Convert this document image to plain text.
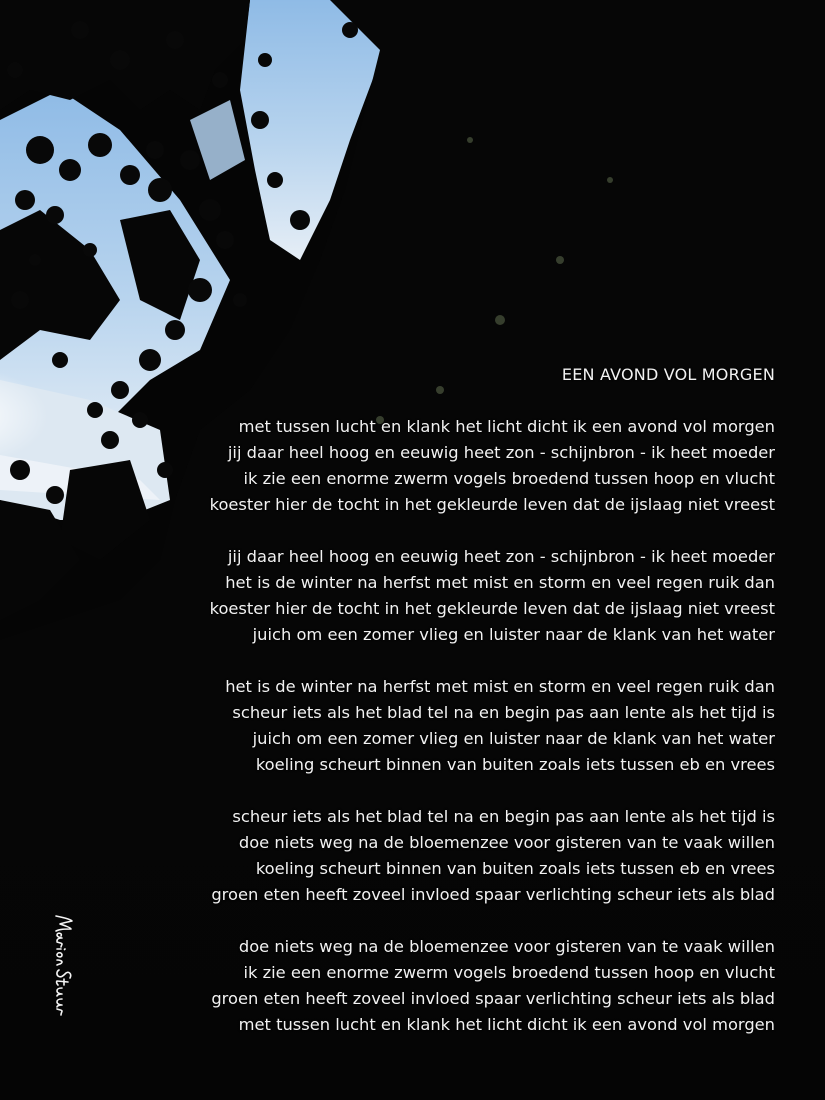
EEN AVOND VOL MORGEN
met tussen lucht en klank het licht dicht ik een avond vol morgen
jij daar heel hoog en eeuwig heet zon - schijnbron - ik heet moeder
ik zie een enorme zwerm vogels broedend tussen hoop en vlucht
koester hier de tocht in het gekleurde leven dat de ijslaag niet vreest
jij daar heel hoog en eeuwig heet zon - schijnbron - ik heet moeder
het is de winter na herfst met mist en storm en veel regen ruik dan
koester hier de tocht in het gekleurde leven dat de ijslaag niet vreest
juich om een zomer vlieg en luister naar de klank van het water
het is de winter na herfst met mist en storm en veel regen ruik dan
scheur iets als het blad tel na en begin pas aan lente als het tijd is
juich om een zomer vlieg en luister naar de klank van het water
koeling scheurt binnen van buiten zoals iets tussen eb en vrees
scheur iets als het blad tel na en begin pas aan lente als het tijd is
doe niets weg na de bloemenzee voor gisteren van te vaak willen
koeling scheurt binnen van buiten zoals iets tussen eb en vrees
groen eten heeft zoveel invloed spaar verlichting scheur iets als blad
doe niets weg na de bloemenzee voor gisteren van te vaak willen
ik zie een enorme zwerm vogels broedend tussen hoop en vlucht
groen eten heeft zoveel invloed spaar verlichting scheur iets als blad
met tussen lucht en klank het licht dicht ik een avond vol morgen
